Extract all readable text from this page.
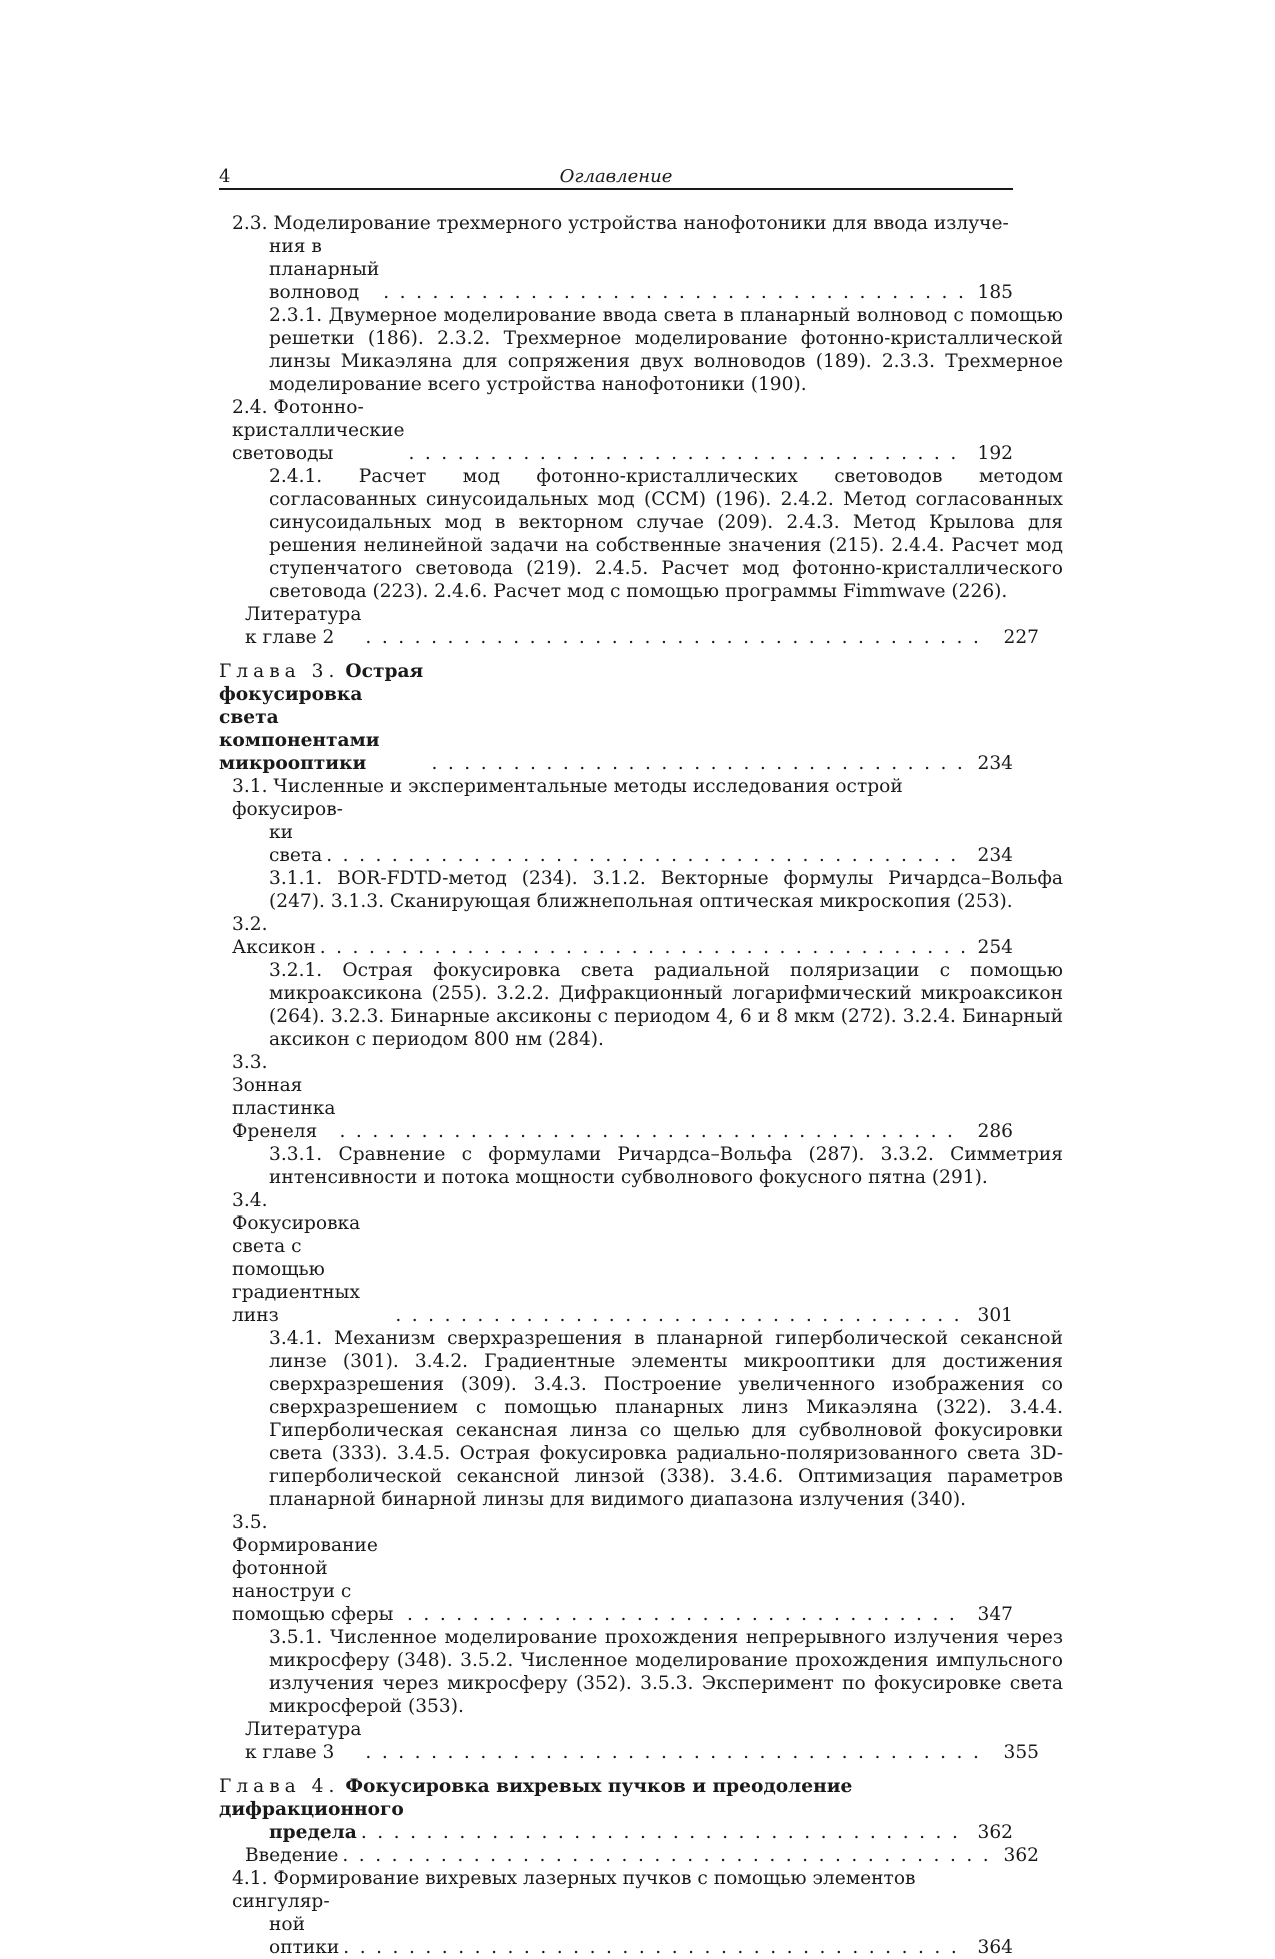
4	Оглавление
2.3. Моделирование трехмерного устройства нанофотоники для ввода излуче-
ния в планарный волновод . . .	185
2.3.1. Двумерное моделирование ввода света в планарный волновод с помощью решетки (186). 2.3.2. Трехмерное моделирование фотонно-кристаллической линзы Микаэляна для сопряжения двух волноводов (189). 2.3.3. Трехмерное моделирование всего устройства нанофотоники (190).
2.4. Фотонно-кристаллические световоды . . .	192
2.4.1. Расчет мод фотонно-кристаллических световодов методом согласованных синусоидальных мод (ССМ) (196). 2.4.2. Метод согласованных синусоидальных мод в векторном случае (209). 2.4.3. Метод Крылова для решения нелинейной задачи на собственные значения (215). 2.4.4. Расчет мод ступенчатого световода (219). 2.4.5. Расчет мод фотонно-кристаллического световода (223). 2.4.6. Расчет мод с помощью программы Fimmwave (226).
Литература к главе 2 . . .	227
Глава 3. Острая фокусировка света компонентами микрооптики . . .	234
3.1. Численные и экспериментальные методы исследования острой фокусиров-
ки света . . .	234
3.1.1. BOR-FDTD-метод (234). 3.1.2. Векторные формулы Ричардса–Вольфа (247). 3.1.3. Сканирующая ближнепольная оптическая микроскопия (253).
3.2. Аксикон . . .	254
3.2.1. Острая фокусировка света радиальной поляризации с помощью микроаксикона (255). 3.2.2. Дифракционный логарифмический микроаксикон (264). 3.2.3. Бинарные аксиконы с периодом 4, 6 и 8 мкм (272). 3.2.4. Бинарный аксикон с периодом 800 нм (284).
3.3. Зонная пластинка Френеля . . .	286
3.3.1. Сравнение с формулами Ричардса–Вольфа (287). 3.3.2. Симметрия интенсивности и потока мощности субволнового фокусного пятна (291).
3.4. Фокусировка света с помощью градиентных линз . . .	301
3.4.1. Механизм сверхразрешения в планарной гиперболической секансной линзе (301). 3.4.2. Градиентные элементы микрооптики для достижения сверхразрешения (309). 3.4.3. Построение увеличенного изображения со сверхразрешением с помощью планарных линз Микаэляна (322). 3.4.4. Гиперболическая секансная линза со щелью для субволновой фокусировки света (333). 3.4.5. Острая фокусировка радиально-поляризованного света 3D-гиперболической секансной линзой (338). 3.4.6. Оптимизация параметров планарной бинарной линзы для видимого диапазона излучения (340).
3.5. Формирование фотонной наноструи с помощью сферы . . .	347
3.5.1. Численное моделирование прохождения непрерывного излучения через микросферу (348). 3.5.2. Численное моделирование прохождения импульсного излучения через микросферу (352). 3.5.3. Эксперимент по фокусировке света микросферой (353).
Литература к главе 3 . . .	355
Глава 4. Фокусировка вихревых пучков и преодоление дифракционного
предела . . .	362
Введение . . .	362
4.1. Формирование вихревых лазерных пучков с помощью элементов сингуляр-
ной оптики . . .	364
